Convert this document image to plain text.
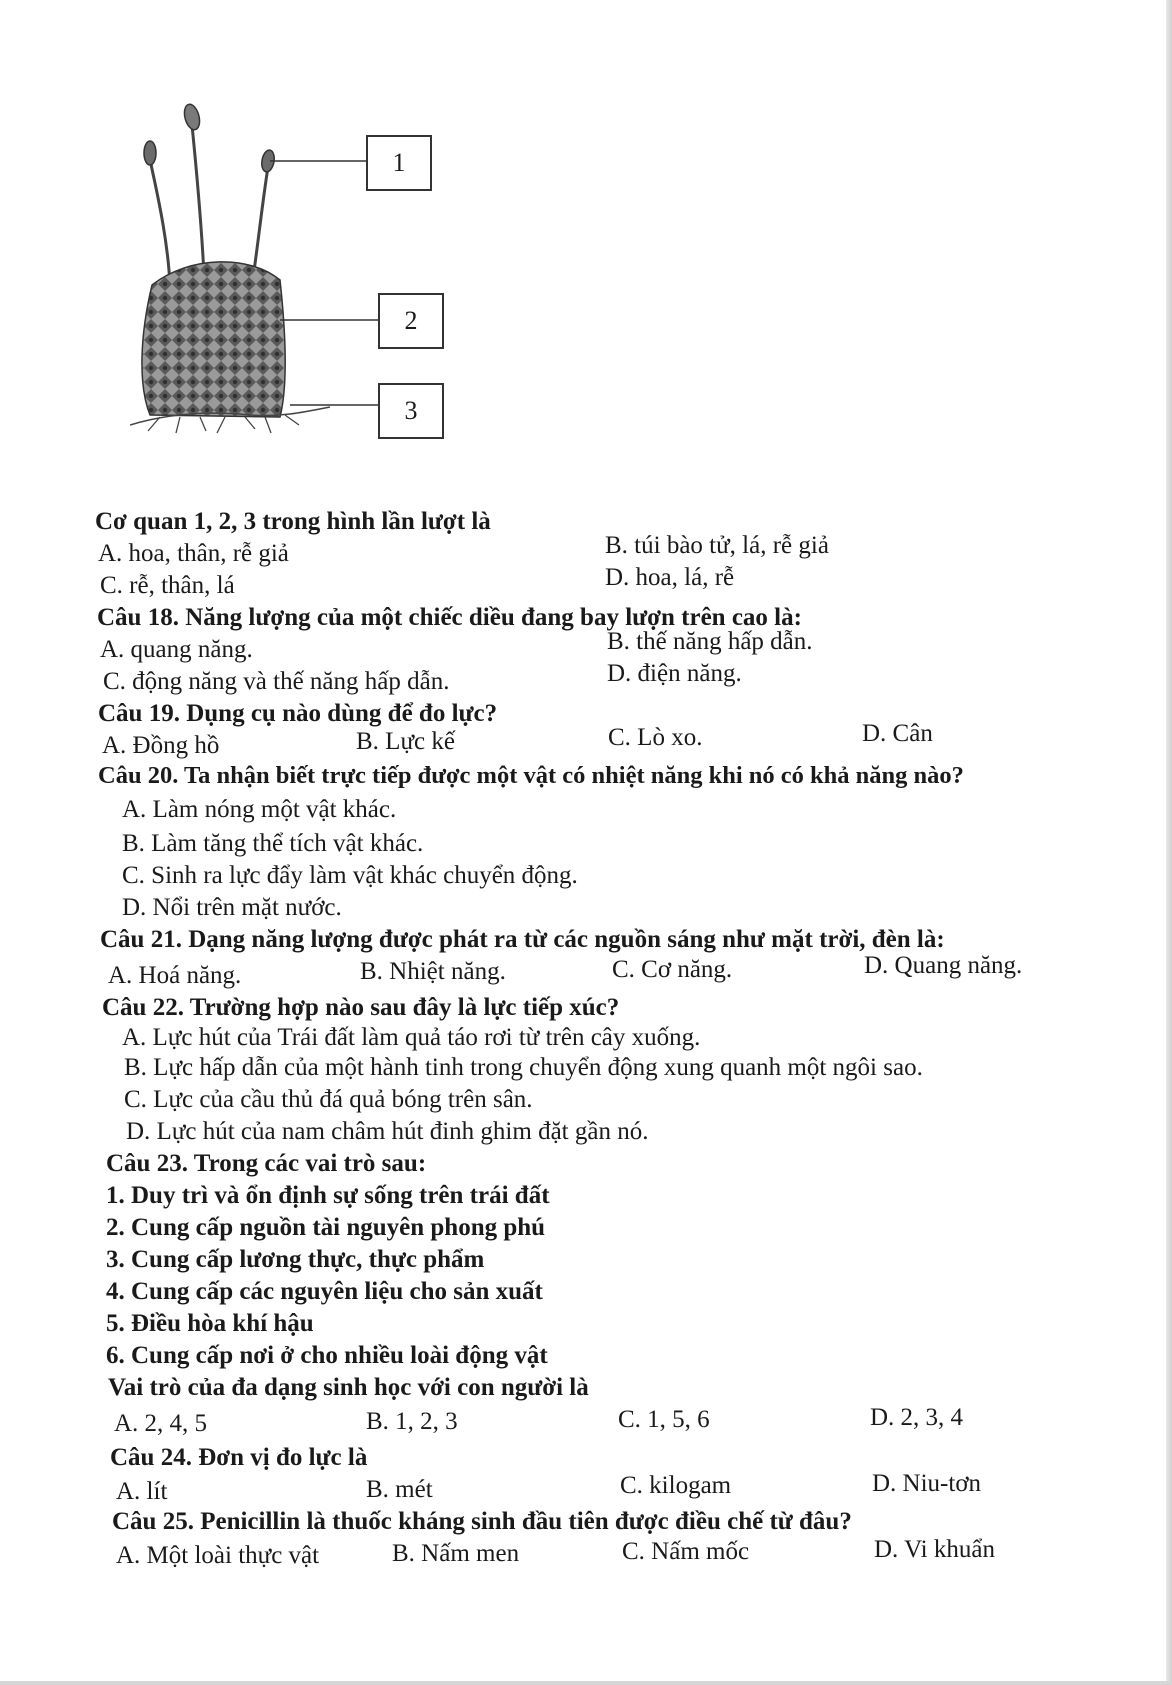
1
2
3
Cơ quan 1, 2, 3 trong hình lần lượt là
A. hoa, thân, rễ giả	B. túi bào tử, lá, rễ giả
C. rễ, thân, lá	D. hoa, lá, rễ
Câu 18. Năng lượng của một chiếc diều đang bay lượn trên cao là:
A. quang năng.	B. thế năng hấp dẫn.
C. động năng và thế năng hấp dẫn.	D. điện năng.
Câu 19. Dụng cụ nào dùng để đo lực?
A. Đồng hồ	B. Lực kế	C. Lò xo.	D. Cân
Câu 20. Ta nhận biết trực tiếp được một vật có nhiệt năng khi nó có khả năng nào?
A. Làm nóng một vật khác.
B. Làm tăng thể tích vật khác.
C. Sinh ra lực đẩy làm vật khác chuyển động.
D. Nổi trên mặt nước.
Câu 21. Dạng năng lượng được phát ra từ các nguồn sáng như mặt trời, đèn là:
A. Hoá năng.	B. Nhiệt năng.	C. Cơ năng.	D. Quang năng.
Câu 22. Trường hợp nào sau đây là lực tiếp xúc?
A. Lực hút của Trái đất làm quả táo rơi từ trên cây xuống.
B. Lực hấp dẫn của một hành tinh trong chuyển động xung quanh một ngôi sao.
C. Lực của cầu thủ đá quả bóng trên sân.
D. Lực hút của nam châm hút đinh ghim đặt gần nó.
Câu 23. Trong các vai trò sau:
1. Duy trì và ổn định sự sống trên trái đất
2. Cung cấp nguồn tài nguyên phong phú
3. Cung cấp lương thực, thực phẩm
4. Cung cấp các nguyên liệu cho sản xuất
5. Điều hòa khí hậu
6. Cung cấp nơi ở cho nhiều loài động vật
Vai trò của đa dạng sinh học với con người là
A. 2, 4, 5	B. 1, 2, 3	C. 1, 5, 6	D. 2, 3, 4
Câu 24. Đơn vị đo lực là
A. lít	B. mét	C. kilogam	D. Niu-tơn
Câu 25. Penicillin là thuốc kháng sinh đầu tiên được điều chế từ đâu?
A. Một loài thực vật	B. Nấm men	C. Nấm mốc	D. Vi khuẩn
